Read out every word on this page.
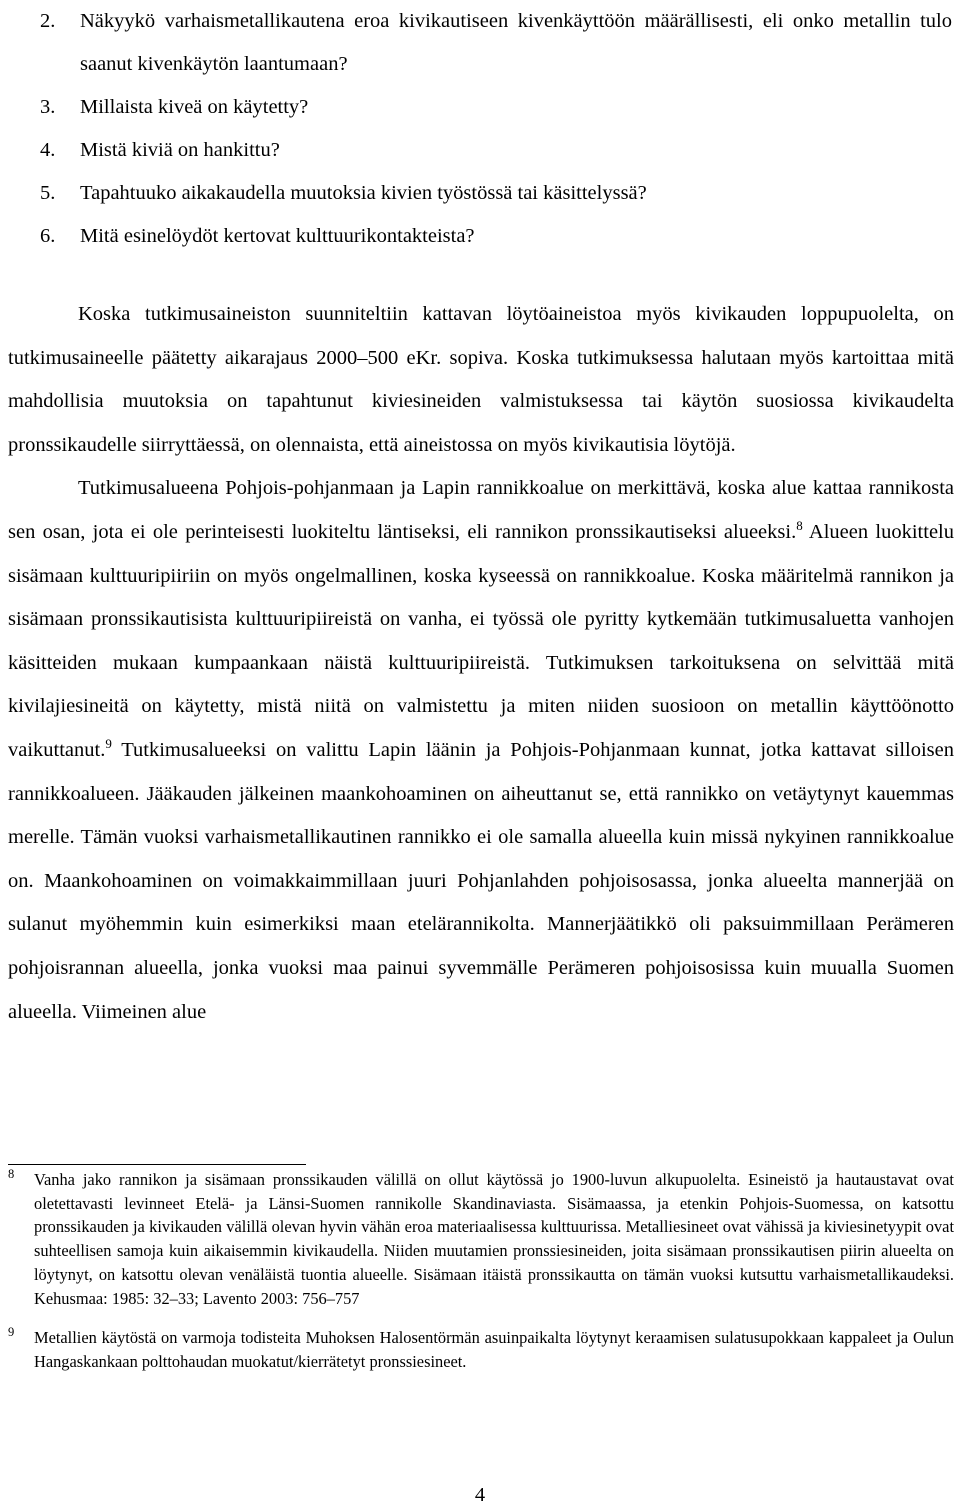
2. Näkyykö varhaismetallikautena eroa kivikautiseen kivenkäyttöön määrällisesti, eli onko metallin tulo saanut kivenkäytön laantumaan?
3. Millaista kiveä on käytetty?
4. Mistä kiviä on hankittu?
5. Tapahtuuko aikakaudella muutoksia kivien työstössä tai käsittelyssä?
6. Mitä esinelöydöt kertovat kulttuurikontakteista?

Koska tutkimusaineiston suunniteltiin kattavan löytöaineistoa myös kivikauden loppupuolelta, on tutkimusaineelle päätetty aikarajaus 2000–500 eKr. sopiva. Koska tutkimuksessa halutaan myös kartoittaa mitä mahdollisia muutoksia on tapahtunut kiviesineiden valmistuksessa tai käytön suosiossa kivikaudelta pronssikaudelle siirryttäessä, on olennaista, että aineistossa on myös kivikautisia löytöjä.

Tutkimusalueena Pohjois-pohjanmaan ja Lapin rannikkoalue on merkittävä, koska alue kattaa rannikosta sen osan, jota ei ole perinteisesti luokiteltu läntiseksi, eli rannikon pronssikautiseksi alueeksi.$^8$ Alueen luokittelu sisämaan kulttuuripiiriin on myös ongelmallinen, koska kyseessä on rannikkoalue. Koska määritelmä rannikon ja sisämaan pronssikautisista kulttuuripiireistä on vanha, ei työssä ole pyritty kytkemään tutkimusaluetta vanhojen käsitteiden mukaan kumpaankaan näistä kulttuuripiireistä. Tutkimuksen tarkoituksena on selvittää mitä kivilajiesineitä on käytetty, mistä niitä on valmistettu ja miten niiden suosioon on metallin käyttöönotto vaikuttanut.$^9$ Tutkimusalueeksi on valittu Lapin läänin ja Pohjois-Pohjanmaan kunnat, jotka kattavat silloisen rannikkoalueen. Jääkauden jälkeinen maankohoaminen on aiheuttanut se, että rannikko on vetäytynyt kauemmas merelle. Tämän vuoksi varhaismetallikautinen rannikko ei ole samalla alueella kuin missä nykyinen rannikkoalue on. Maankohoaminen on voimakkaimmillaan juuri Pohjanlahden pohjoisosassa, jonka alueelta mannerjää on sulanut myöhemmin kuin esimerkiksi maan etelärannikolta. Mannerjäätikkö oli paksuimmillaan Perämeren pohjoisrannan alueella, jonka vuoksi maa painui syvemmälle Perämeren pohjoisosissa kuin muualla Suomen alueella. Viimeinen alue

8 Vanha jako rannikon ja sisämaan pronssikauden välillä on ollut käytössä jo 1900-luvun alkupuolelta. Esineistö ja hautaustavat ovat oletettavasti levinneet Etelä- ja Länsi-Suomen rannikolle Skandinaviasta. Sisämaassa, ja etenkin Pohjois-Suomessa, on katsottu pronssikauden ja kivikauden välillä olevan hyvin vähän eroa materiaalisessa kulttuurissa. Metalliesineet ovat vähissä ja kiviesinetyypit ovat suhteellisen samoja kuin aikaisemmin kivikaudella. Niiden muutamien pronssiesineiden, joita sisämaan pronssikautisen piirin alueelta on löytynyt, on katsottu olevan venäläistä tuontia alueelle. Sisämaan itäistä pronssikautta on tämän vuoksi kutsuttu varhaismetallikaudeksi. Kehusmaa: 1985: 32–33; Lavento 2003: 756–757

9 Metallien käytöstä on varmoja todisteita Muhoksen Halosentörmän asuinpaikalta löytynyt keraamisen sulatusupokkaan kappaleet ja Oulun Hangaskankaan polttohaudan muokatut/kierrätetyt pronssiesineet.

4
